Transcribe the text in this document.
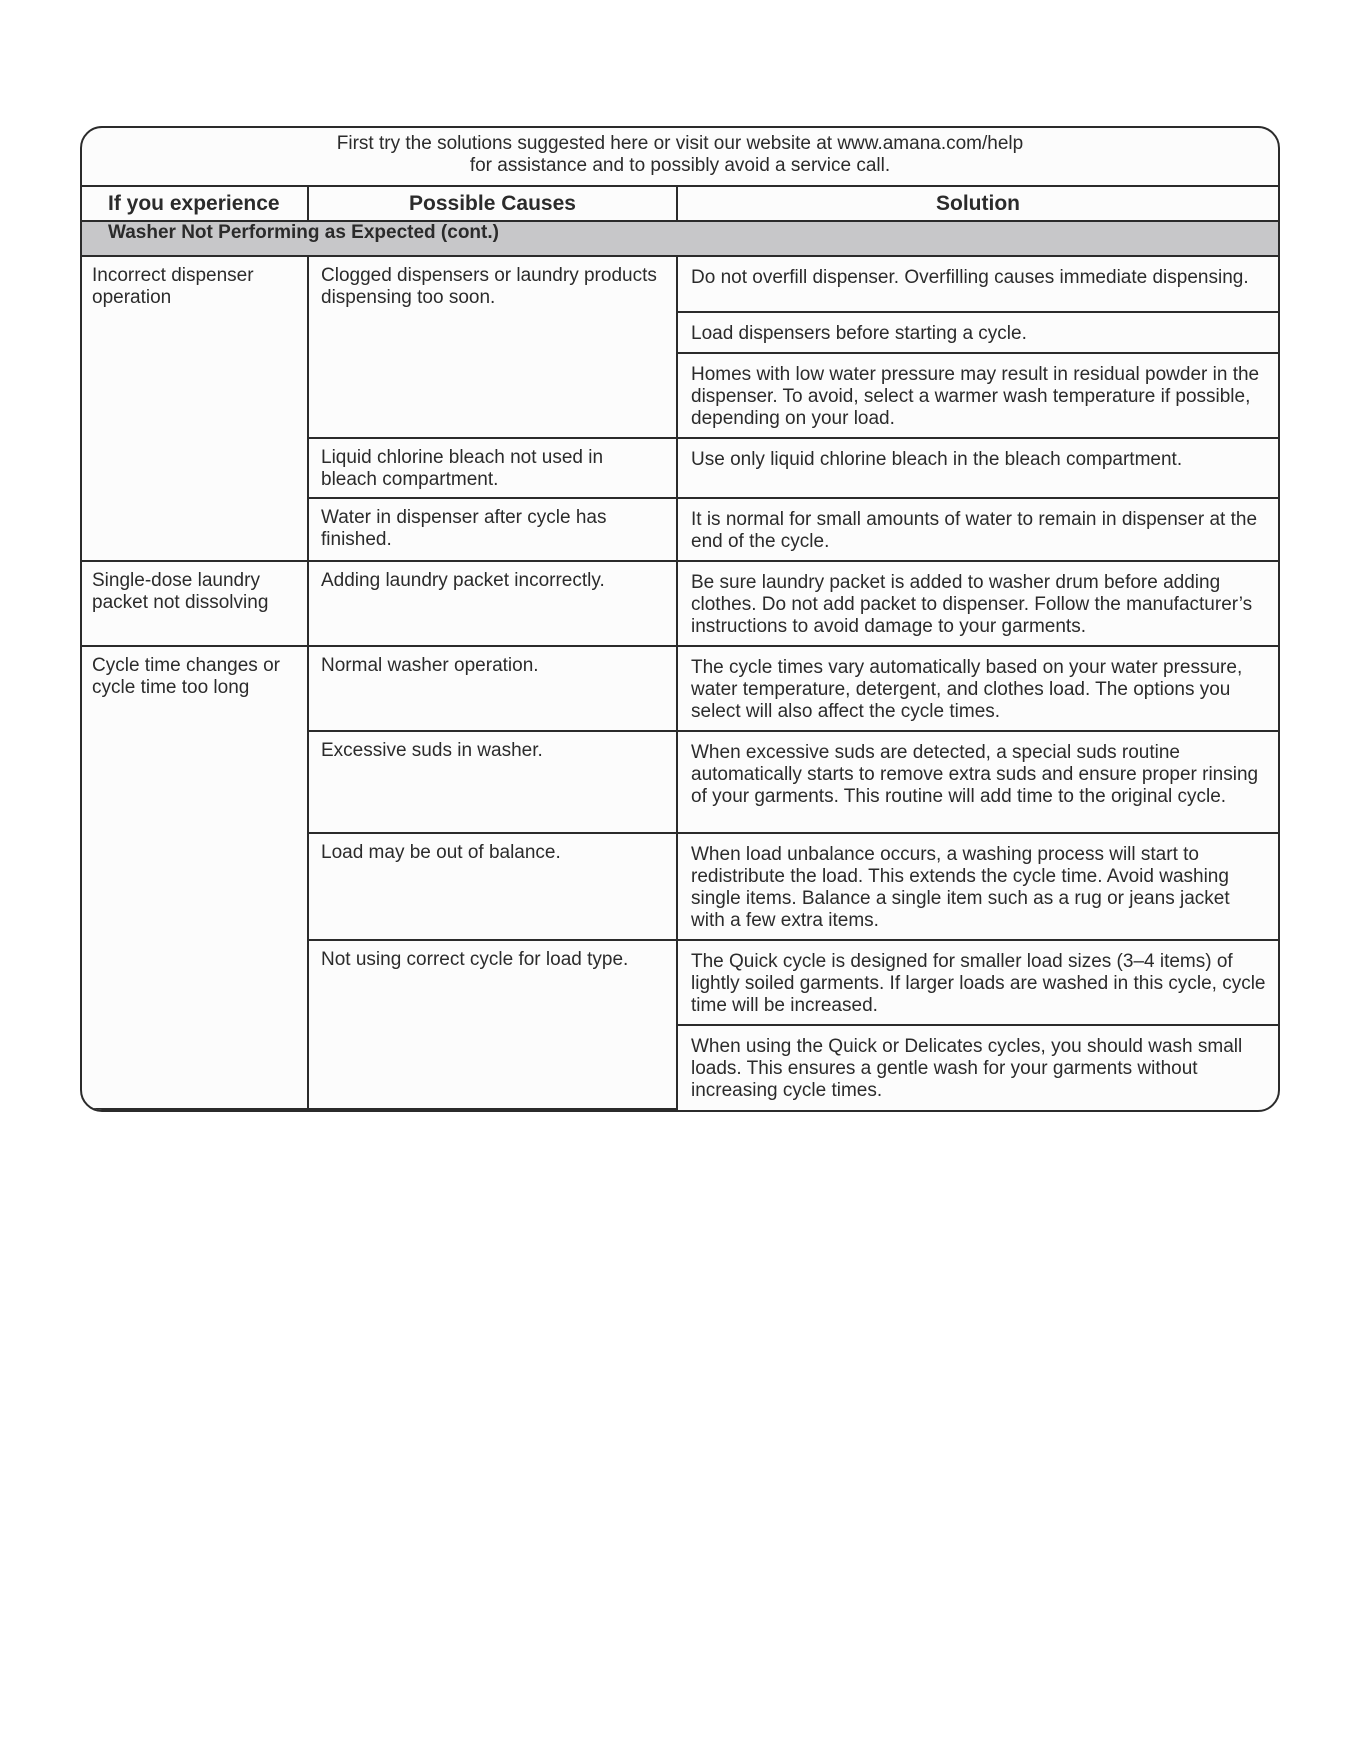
First try the solutions suggested here or visit our website at www.amana.com/help
for assistance and to possibly avoid a service call.
If you experience	Possible Causes	Solution
Washer Not Performing as Expected (cont.)		
Incorrect dispenser operation	Clogged dispensers or laundry products dispensing too soon.	Do not overfill dispenser. Overfilling causes immediate dispensing.
		Load dispensers before starting a cycle.
		Homes with low water pressure may result in residual powder in the dispenser. To avoid, select a warmer wash temperature if possible, depending on your load.
	Liquid chlorine bleach not used in bleach compartment.	Use only liquid chlorine bleach in the bleach compartment.
	Water in dispenser after cycle has finished.	It is normal for small amounts of water to remain in dispenser at the end of the cycle.
Single-dose laundry packet not dissolving	Adding laundry packet incorrectly.	Be sure laundry packet is added to washer drum before adding clothes. Do not add packet to dispenser. Follow the manufacturer’s instructions to avoid damage to your garments.
Cycle time changes or cycle time too long	Normal washer operation.	The cycle times vary automatically based on your water pressure, water temperature, detergent, and clothes load. The options you select will also affect the cycle times.
	Excessive suds in washer.	When excessive suds are detected, a special suds routine automatically starts to remove extra suds and ensure proper rinsing of your garments. This routine will add time to the original cycle.
	Load may be out of balance.	When load unbalance occurs, a washing process will start to redistribute the load. This extends the cycle time. Avoid washing single items. Balance a single item such as a rug or jeans jacket with a few extra items.
	Not using correct cycle for load type.	The Quick cycle is designed for smaller load sizes (3–4 items) of lightly soiled garments. If larger loads are washed in this cycle, cycle time will be increased.
		When using the Quick or Delicates cycles, you should wash small loads. This ensures a gentle wash for your garments without increasing cycle times.
